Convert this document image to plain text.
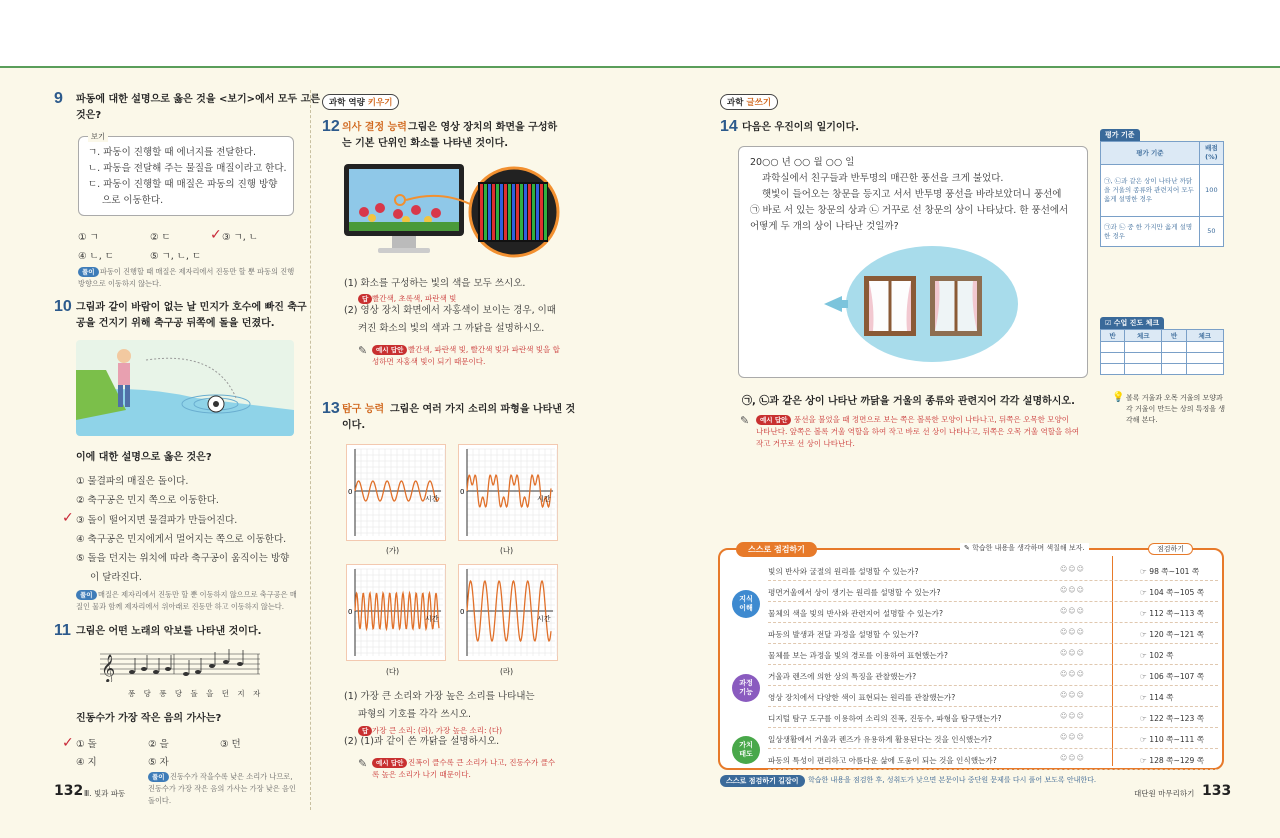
9 파동에 대한 설명으로 옳은 것을 <보기>에서 모두 고른
것은?
보기
ㄱ. 파동이 진행할 때 에너지를 전달한다.
ㄴ. 파동을 전달해 주는 물질을 매질이라고 한다.
ㄷ. 파동이 진행할 때 매질은 파동의 진행 방향
으로 이동한다.
① ㄱ	② ㄷ	✓ ③ ㄱ, ㄴ
④ ㄴ, ㄷ	⑤ ㄱ, ㄴ, ㄷ
풀이 파동이 진행할 때 매질은 제자리에서 진동만 할 뿐 파동의 진행
방향으로 이동하지 않는다.
10 그림과 같이 바람이 없는 날 민지가 호수에 빠진 축구
공을 건지기 위해 축구공 뒤쪽에 돌을 던졌다.
이에 대한 설명으로 옳은 것은?
① 물결파의 매질은 돌이다.
② 축구공은 민지 쪽으로 이동한다.
✓ ③ 돌이 떨어지면 물결파가 만들어진다.
④ 축구공은 민지에게서 멀어지는 쪽으로 이동한다.
⑤ 돌을 던지는 위치에 따라 축구공이 움직이는 방향
이 달라진다.
풀이 매질은 제자리에서 진동만 할 뿐 이동하지 않으므로 축구공은 매
질인 물과 함께 제자리에서 위아래로 진동만 하고 이동하지 않는다.
11 그림은 어떤 노래의 악보를 나타낸 것이다.
𝄞
퐁 당 퐁 당 돌 을 던 지 자
진동수가 가장 작은 음의 가사는?
✓ ① 돌	② 을	③ 던
④ 지	⑤ 자
풀이 진동수가 작을수록 낮은 소리가 나므로,
진동수가 가장 작은 음의 가사는 가장 낮은 음인
돌이다.
132 Ⅲ. 빛과 파동
과학 역량 키우기
12 의사 결정 능력 그림은 영상 장치의 화면을 구성하
는 기본 단위인 화소를 나타낸 것이다.
(1) 화소를 구성하는 빛의 색을 모두 쓰시오.
답 빨간색, 초록색, 파란색 빛
(2) 영상 장치 화면에서 자홍색이 보이는 경우, 이때
켜진 화소의 빛의 색과 그 까닭을 설명하시오.
✎	예시 답안 빨간색, 파란색 빛, 빨간색 빛과 파란색 빛을 합
성하면 자홍색 빛이 되기 때문이다.
13 탐구 능력 그림은 여러 가지 소리의 파형을 나타낸 것
이다.
0
시간
0
시간
0
시간
0
시간
(가)	(나)
(다)	(라)
(1) 가장 큰 소리와 가장 높은 소리를 나타내는
파형의 기호를 각각 쓰시오.
답 가장 큰 소리: (라), 가장 높은 소리: (다)
(2) (1)과 같이 쓴 까닭을 설명하시오.
✎	예시 답안 진폭이 클수록 큰 소리가 나고, 진동수가 클수
록 높은 소리가 나기 때문이다.
과학 글쓰기
14 다음은 우진이의 일기이다.
20○○ 년 ○○ 월 ○○ 일
과학실에서 친구들과 반투명의 매끈한 풍선을 크게 불었다.
햇빛이 들어오는 창문을 등지고 서서 반투명 풍선을 바라보았더니 풍선에
㉠ 바로 서 있는 창문의 상과 ㉡ 거꾸로 선 창문의 상이 나타났다. 한 풍선에서
어떻게 두 개의 상이 나타난 것일까?
평가 기준
평가 기준	배점(%)
㉠, ㉡과 같은 상이 나타난 까닭을 거울의 종류와 관련지어 모두 옳게 설명한 경우	100
㉠과 ㉡ 중 한 가지만 옳게 설명한 경우	50
☑ 수업 진도 체크
반	체크	반	체크

💡 볼록 거울과 오목 거울의 모양과 각 거울이 만드는 상의 특징을 생각해 본다.
㉠, ㉡과 같은 상이 나타난 까닭을 거울의 종류와 관련지어 각각 설명하시오.
✎	예시 답안 풍선을 불었을 때 정면으로 보는 쪽은 볼록한 모양이 나타나고, 뒤쪽은 오목한 모양이
나타난다. 앞쪽은 볼록 거울 역할을 하여 작고 바로 선 상이 나타나고, 뒤쪽은 오목 거울 역할을 하여
작고 거꾸로 선 상이 나타난다.
스스로 점검하기	✎ 학습한 내용을 생각하며 색칠해 보자.	점검하기
지식
이해
과정
기능
가치
태도
빛의 반사와 굴절의 원리를 설명할 수 있는가?	☺☺☺	☞ 98 쪽~101 쪽
평면거울에서 상이 생기는 원리를 설명할 수 있는가?	☺☺☺	☞ 104 쪽~105 쪽
물체의 색을 빛의 반사와 관련지어 설명할 수 있는가?	☺☺☺	☞ 112 쪽~113 쪽
파동의 발생과 전달 과정을 설명할 수 있는가?	☺☺☺	☞ 120 쪽~121 쪽
물체를 보는 과정을 빛의 경로를 이용하여 표현했는가?	☺☺☺	☞ 102 쪽
거울과 렌즈에 의한 상의 특징을 관찰했는가?	☺☺☺	☞ 106 쪽~107 쪽
영상 장치에서 다양한 색이 표현되는 원리를 관찰했는가?	☺☺☺	☞ 114 쪽
디지털 탐구 도구를 이용하여 소리의 진폭, 진동수, 파형을 탐구했는가?	☺☺☺	☞ 122 쪽~123 쪽
일상생활에서 거울과 렌즈가 유용하게 활용된다는 것을 인식했는가?	☺☺☺	☞ 110 쪽~111 쪽
파동의 특성이 편리하고 아름다운 삶에 도움이 되는 것을 인식했는가?	☺☺☺	☞ 128 쪽~129 쪽
스스로 점검하기 길잡이	학습한 내용을 점검한 후, 성취도가 낮으면 본문이나 중단원 문제를 다시 풀어 보도록 안내한다.
대단원 마무리하기 133
